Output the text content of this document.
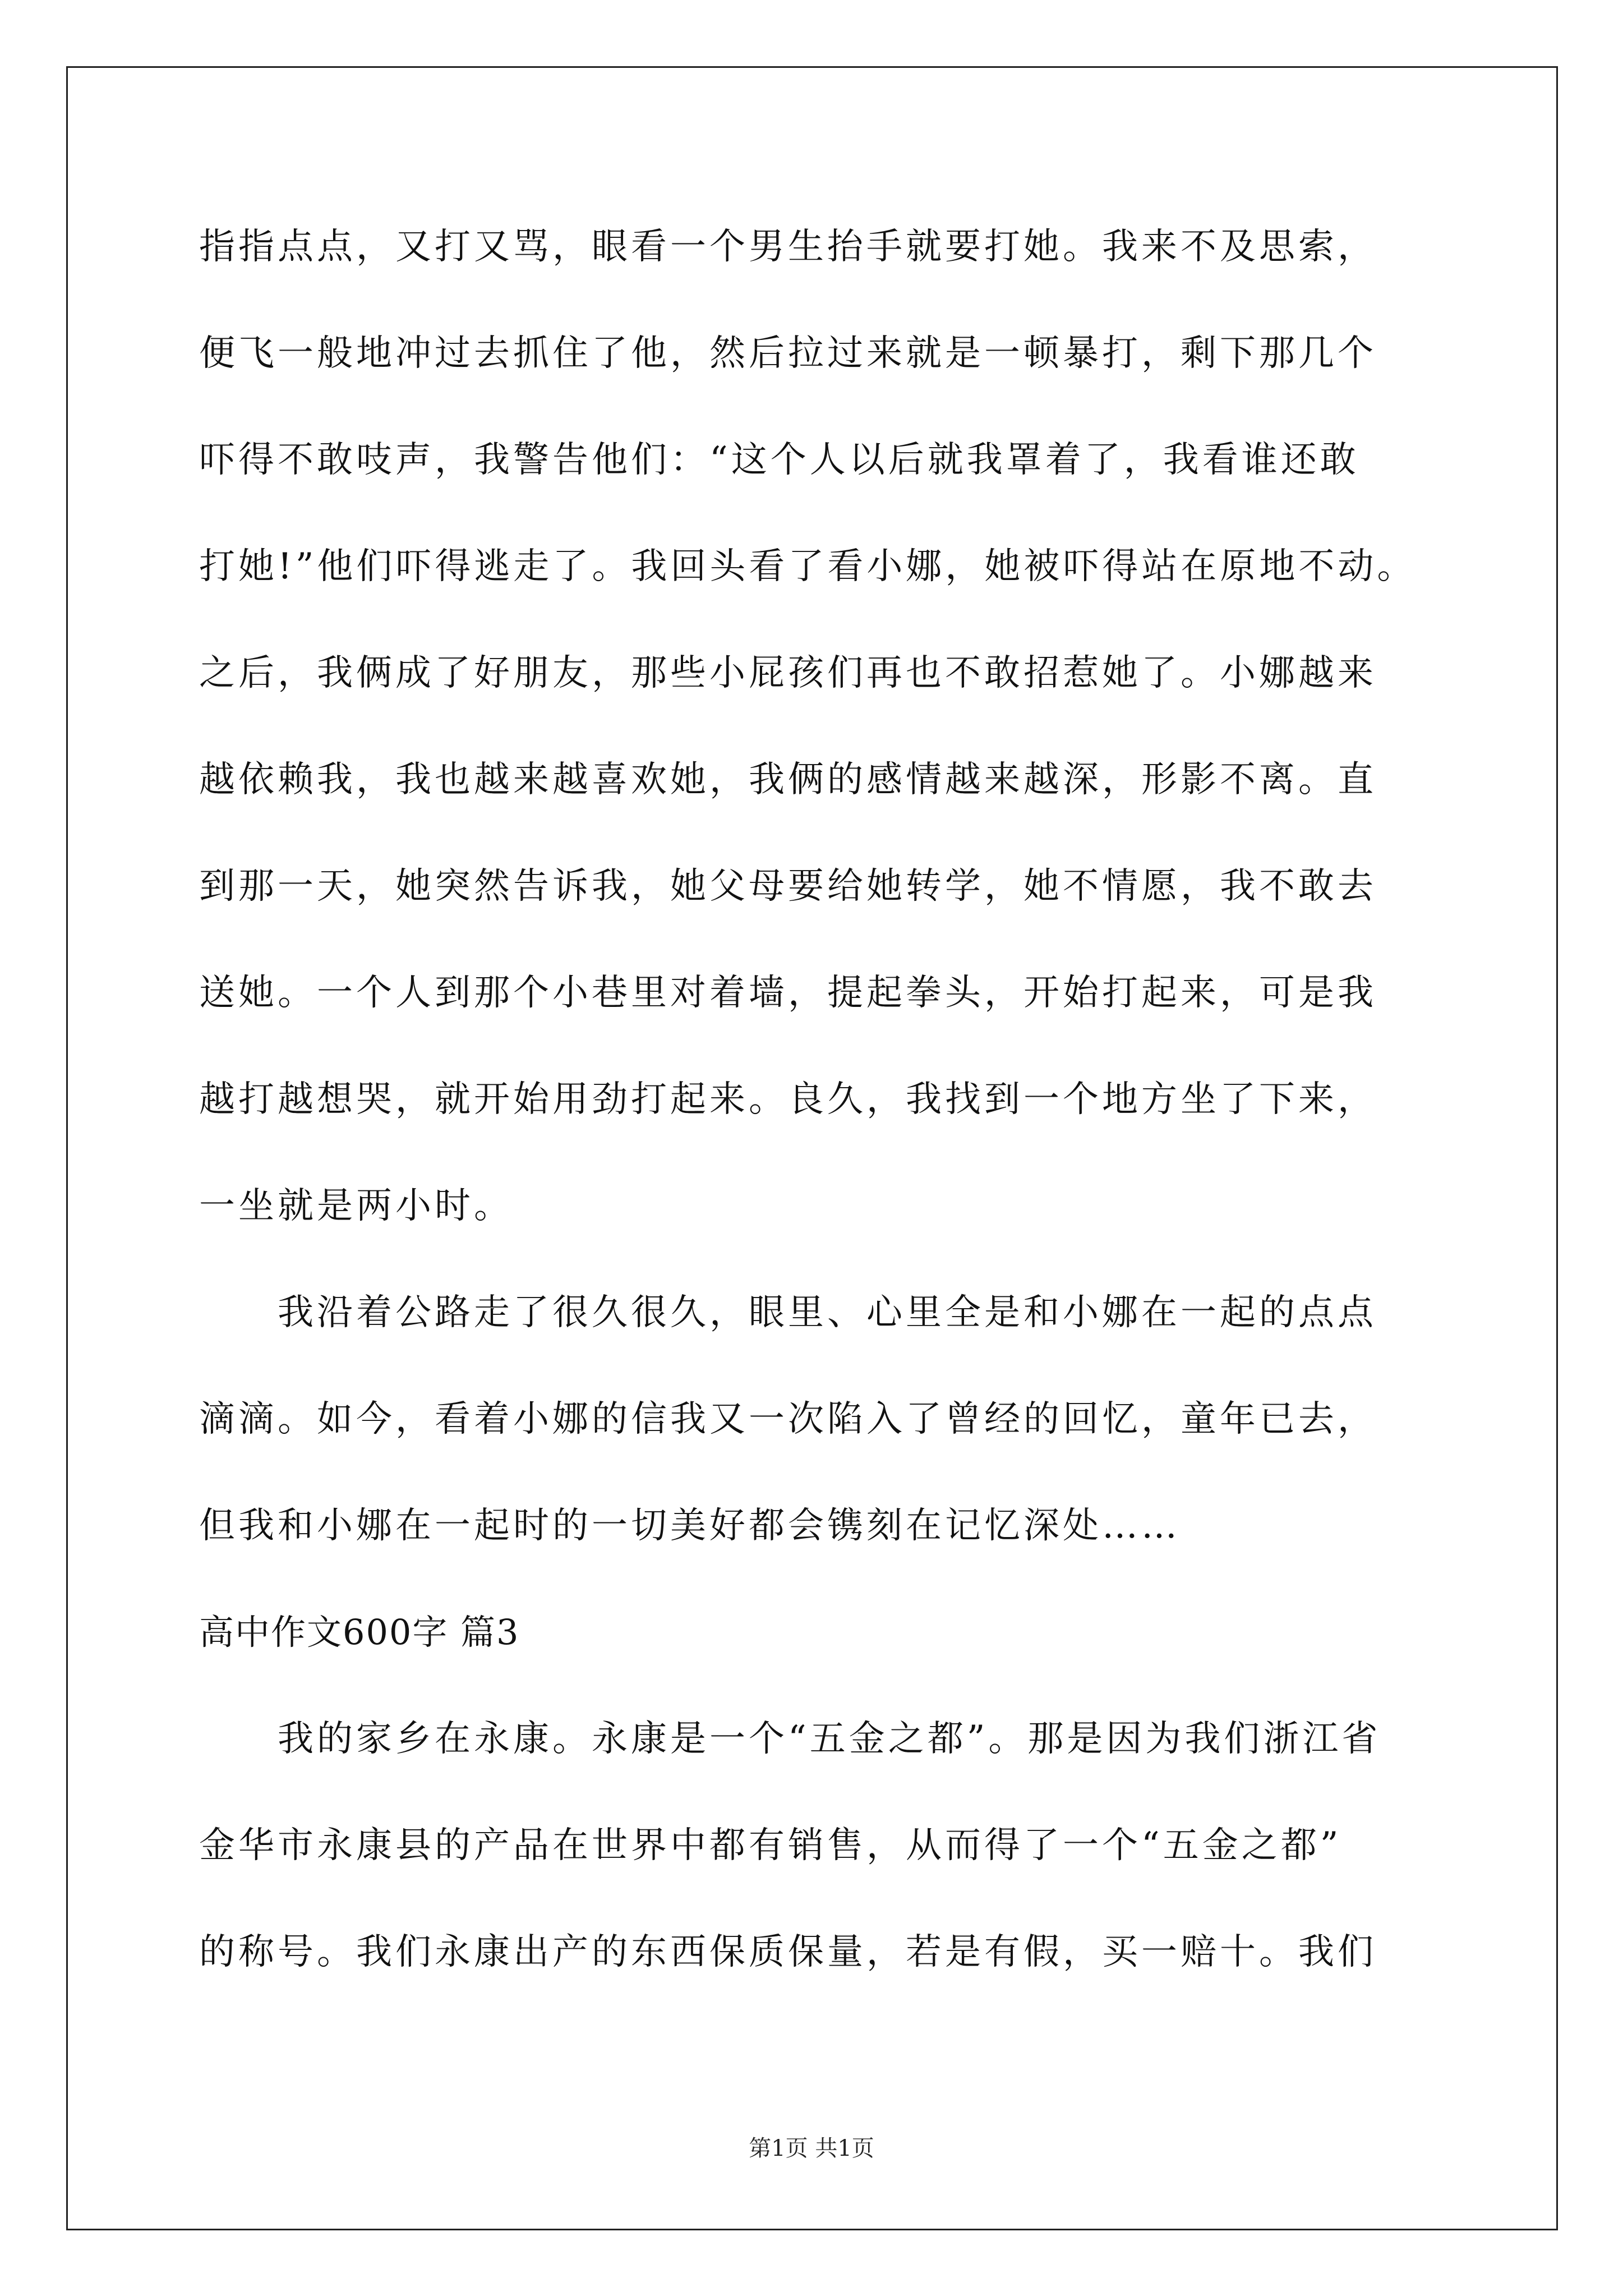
指指点点，又打又骂，眼看一个男生抬手就要打她。我来不及思索，
便飞一般地冲过去抓住了他，然后拉过来就是一顿暴打，剩下那几个
吓得不敢吱声，我警告他们：“这个人以后就我罩着了，我看谁还敢
打她!”他们吓得逃走了。我回头看了看小娜，她被吓得站在原地不动。
之后，我俩成了好朋友，那些小屁孩们再也不敢招惹她了。小娜越来
越依赖我，我也越来越喜欢她，我俩的感情越来越深，形影不离。直
到那一天，她突然告诉我，她父母要给她转学，她不情愿，我不敢去
送她。一个人到那个小巷里对着墙，提起拳头，开始打起来，可是我
越打越想哭，就开始用劲打起来。良久，我找到一个地方坐了下来，
一坐就是两小时。
我沿着公路走了很久很久，眼里、心里全是和小娜在一起的点点
滴滴。如今，看着小娜的信我又一次陷入了曾经的回忆，童年已去，
但我和小娜在一起时的一切美好都会镌刻在记忆深处……
高中作文600字 篇3
我的家乡在永康。永康是一个“五金之都”。那是因为我们浙江省
金华市永康县的产品在世界中都有销售，从而得了一个“五金之都”
的称号。我们永康出产的东西保质保量，若是有假，买一赔十。我们
第1页 共1页
